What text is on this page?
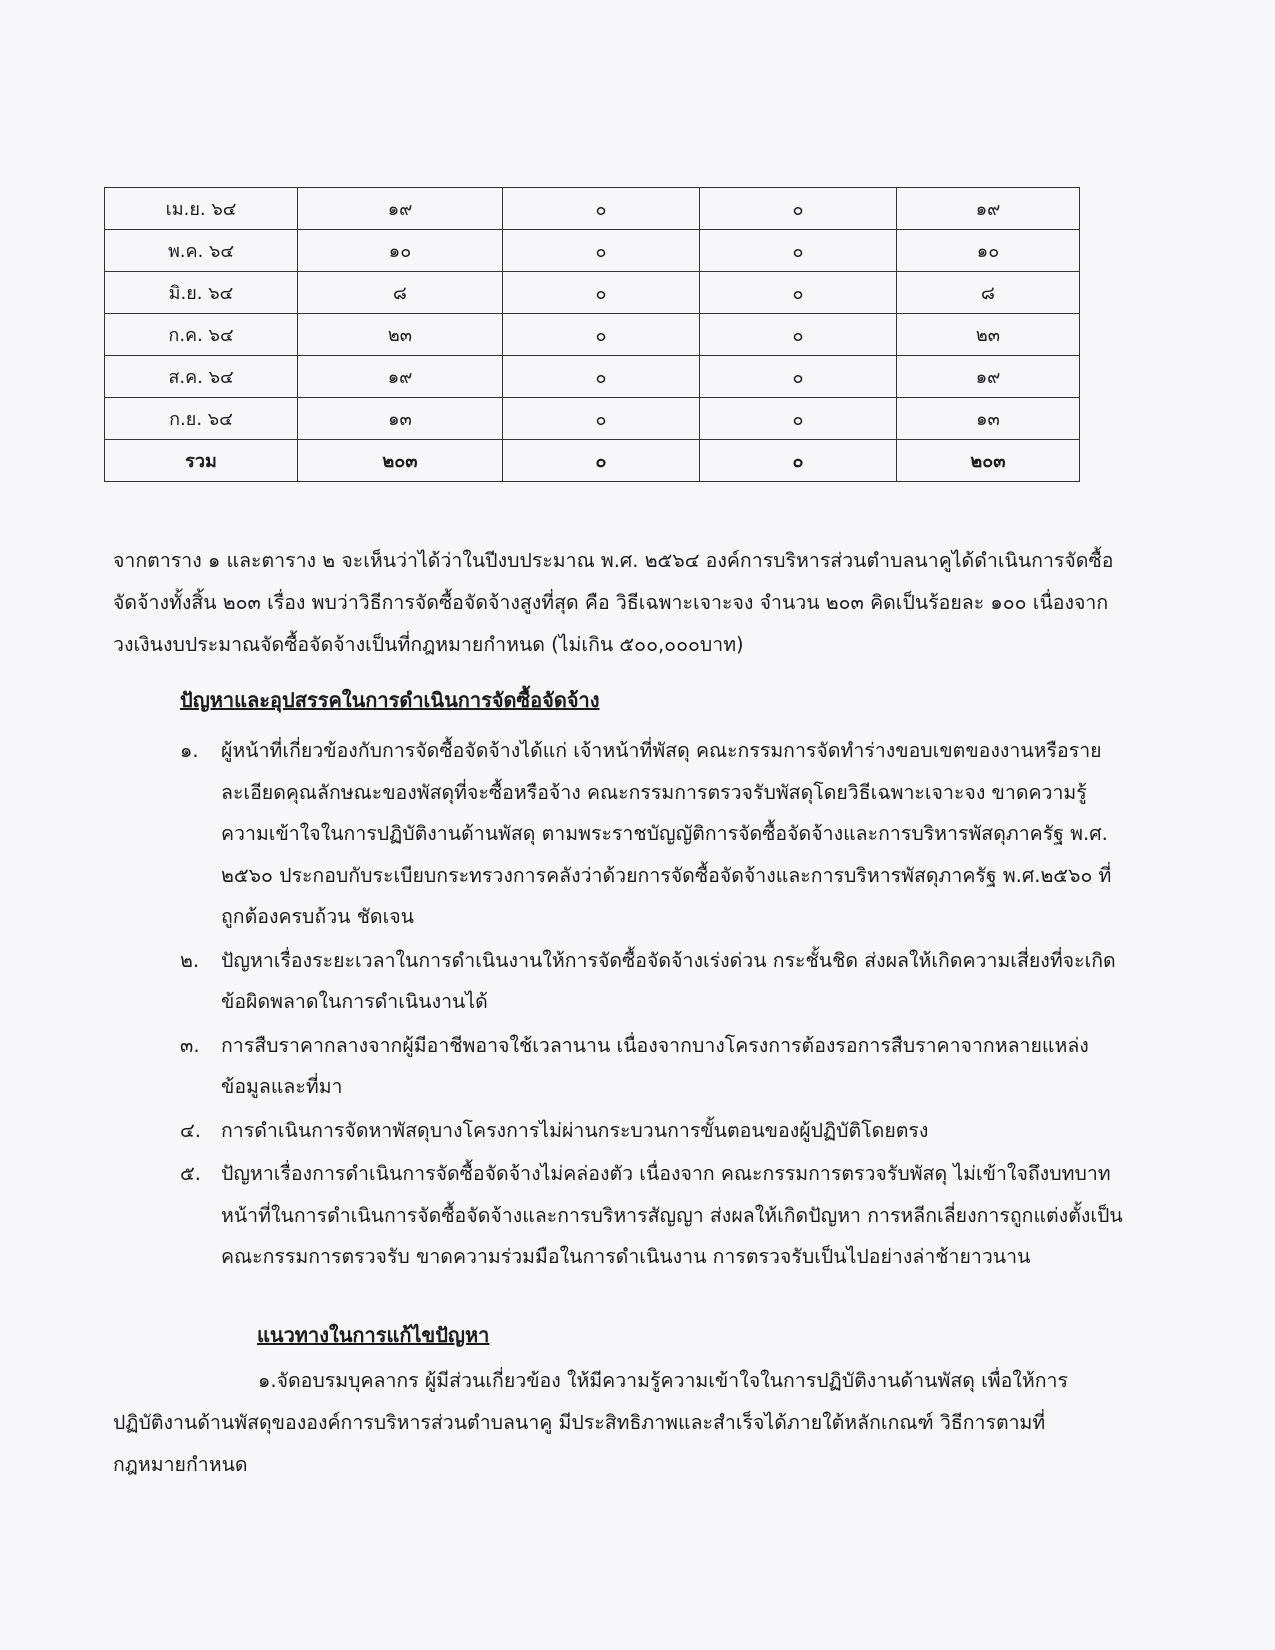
เม.ย. ๖๔	๑๙	๐	๐	๑๙
พ.ค. ๖๔	๑๐	๐	๐	๑๐
มิ.ย. ๖๔	๘	๐	๐	๘
ก.ค. ๖๔	๒๓	๐	๐	๒๓
ส.ค. ๖๔	๑๙	๐	๐	๑๙
ก.ย. ๖๔	๑๓	๐	๐	๑๓
รวม	๒๐๓	๐	๐	๒๐๓

จากตาราง ๑ และตาราง ๒ จะเห็นว่าได้ว่าในปีงบประมาณ พ.ศ. ๒๕๖๔ องค์การบริหารส่วนตำบลนาคูได้ดำเนินการจัดซื้อจัดจ้างทั้งสิ้น ๒๐๓ เรื่อง พบว่าวิธีการจัดซื้อจัดจ้างสูงที่สุด คือ วิธีเฉพาะเจาะจง จำนวน ๒๐๓ คิดเป็นร้อยละ ๑๐๐ เนื่องจากวงเงินงบประมาณจัดซื้อจัดจ้างเป็นที่กฎหมายกำหนด (ไม่เกิน ๕๐๐,๐๐๐บาท)

ปัญหาและอุปสรรคในการดำเนินการจัดซื้อจัดจ้าง
๑. ผู้หน้าที่เกี่ยวข้องกับการจัดซื้อจัดจ้างได้แก่ เจ้าหน้าที่พัสดุ คณะกรรมการจัดทำร่างขอบเขตของงานหรือรายละเอียดคุณลักษณะของพัสดุที่จะซื้อหรือจ้าง คณะกรรมการตรวจรับพัสดุโดยวิธีเฉพาะเจาะจง ขาดความรู้ความเข้าใจในการปฏิบัติงานด้านพัสดุ ตามพระราชบัญญัติการจัดซื้อจัดจ้างและการบริหารพัสดุภาครัฐ พ.ศ. ๒๕๖๐ ประกอบกับระเบียบกระทรวงการคลังว่าด้วยการจัดซื้อจัดจ้างและการบริหารพัสดุภาครัฐ พ.ศ.๒๕๖๐ ที่ถูกต้องครบถ้วน ชัดเจน
๒. ปัญหาเรื่องระยะเวลาในการดำเนินงานให้การจัดซื้อจัดจ้างเร่งด่วน กระชั้นชิด ส่งผลให้เกิดความเสี่ยงที่จะเกิดข้อผิดพลาดในการดำเนินงานได้
๓. การสืบราคากลางจากผู้มีอาชีพอาจใช้เวลานาน เนื่องจากบางโครงการต้องรอการสืบราคาจากหลายแหล่งข้อมูลและที่มา
๔. การดำเนินการจัดหาพัสดุบางโครงการไม่ผ่านกระบวนการขั้นตอนของผู้ปฏิบัติโดยตรง
๕. ปัญหาเรื่องการดำเนินการจัดซื้อจัดจ้างไม่คล่องตัว เนื่องจาก คณะกรรมการตรวจรับพัสดุ ไม่เข้าใจถึงบทบาทหน้าที่ในการดำเนินการจัดซื้อจัดจ้างและการบริหารสัญญา ส่งผลให้เกิดปัญหา การหลีกเลี่ยงการถูกแต่งตั้งเป็นคณะกรรมการตรวจรับ ขาดความร่วมมือในการดำเนินงาน การตรวจรับเป็นไปอย่างล่าช้ายาวนาน
แนวทางในการแก้ไขปัญหา

๑.จัดอบรมบุคลากร ผู้มีส่วนเกี่ยวข้อง ให้มีความรู้ความเข้าใจในการปฏิบัติงานด้านพัสดุ เพื่อให้การปฏิบัติงานด้านพัสดุขององค์การบริหารส่วนตำบลนาคู มีประสิทธิภาพและสำเร็จได้ภายใต้หลักเกณฑ์ วิธีการตามที่กฎหมายกำหนด
